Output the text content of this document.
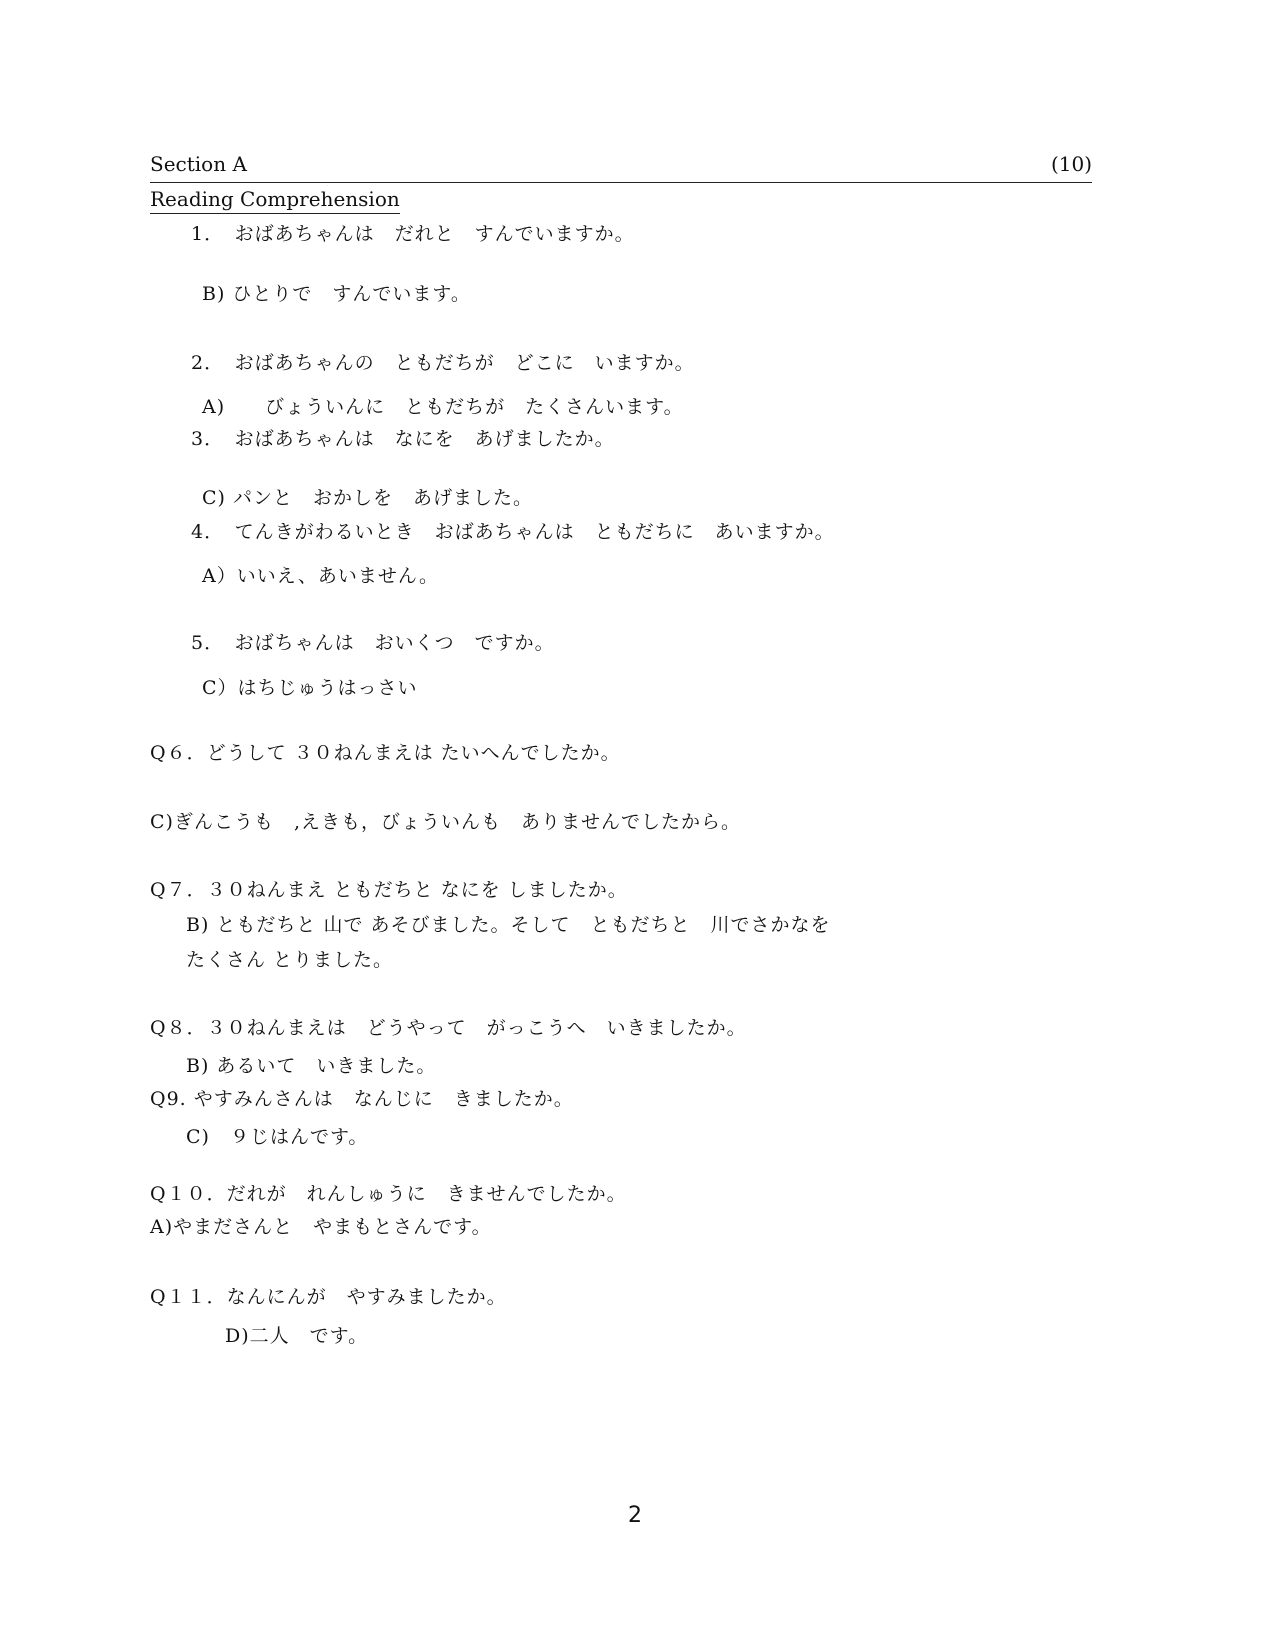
Section A	(10)
Reading Comprehension
1．　おばあちゃんは　だれと　すんでいますか。
B) ひとりで　すんでいます。
2．　おばあちゃんの　ともだちが　どこに　いますか。
A)　　びょういんに　ともだちが　たくさんいます。
3．　おばあちゃんは　なにを　あげましたか。
C) パンと　おかしを　あげました。
4．　てんきがわるいとき　おばあちゃんは　ともだちに　あいますか。
A）いいえ、あいません。
5．　おばちゃんは　おいくつ　ですか。
C）はちじゅうはっさい
Q６．どうして ３０ねんまえは たいへんでしたか。
C)ぎんこうも　,えきも，びょういんも　ありませんでしたから。
Q７．３０ねんまえ ともだちと なにを しましたか。
B) ともだちと 山で あそびました。そして　ともだちと　川でさかなを
たくさん とりました。
Q８．３０ねんまえは　どうやって　がっこうへ　いきましたか。
B) あるいて　いきました。
Q9. やすみんさんは　なんじに　きましたか。
C)　９じはんです。
Q１０．だれが　れんしゅうに　きませんでしたか。
A)やまださんと　やまもとさんです。
Q１１．なんにんが　やすみましたか。
D)二人　です。
2
